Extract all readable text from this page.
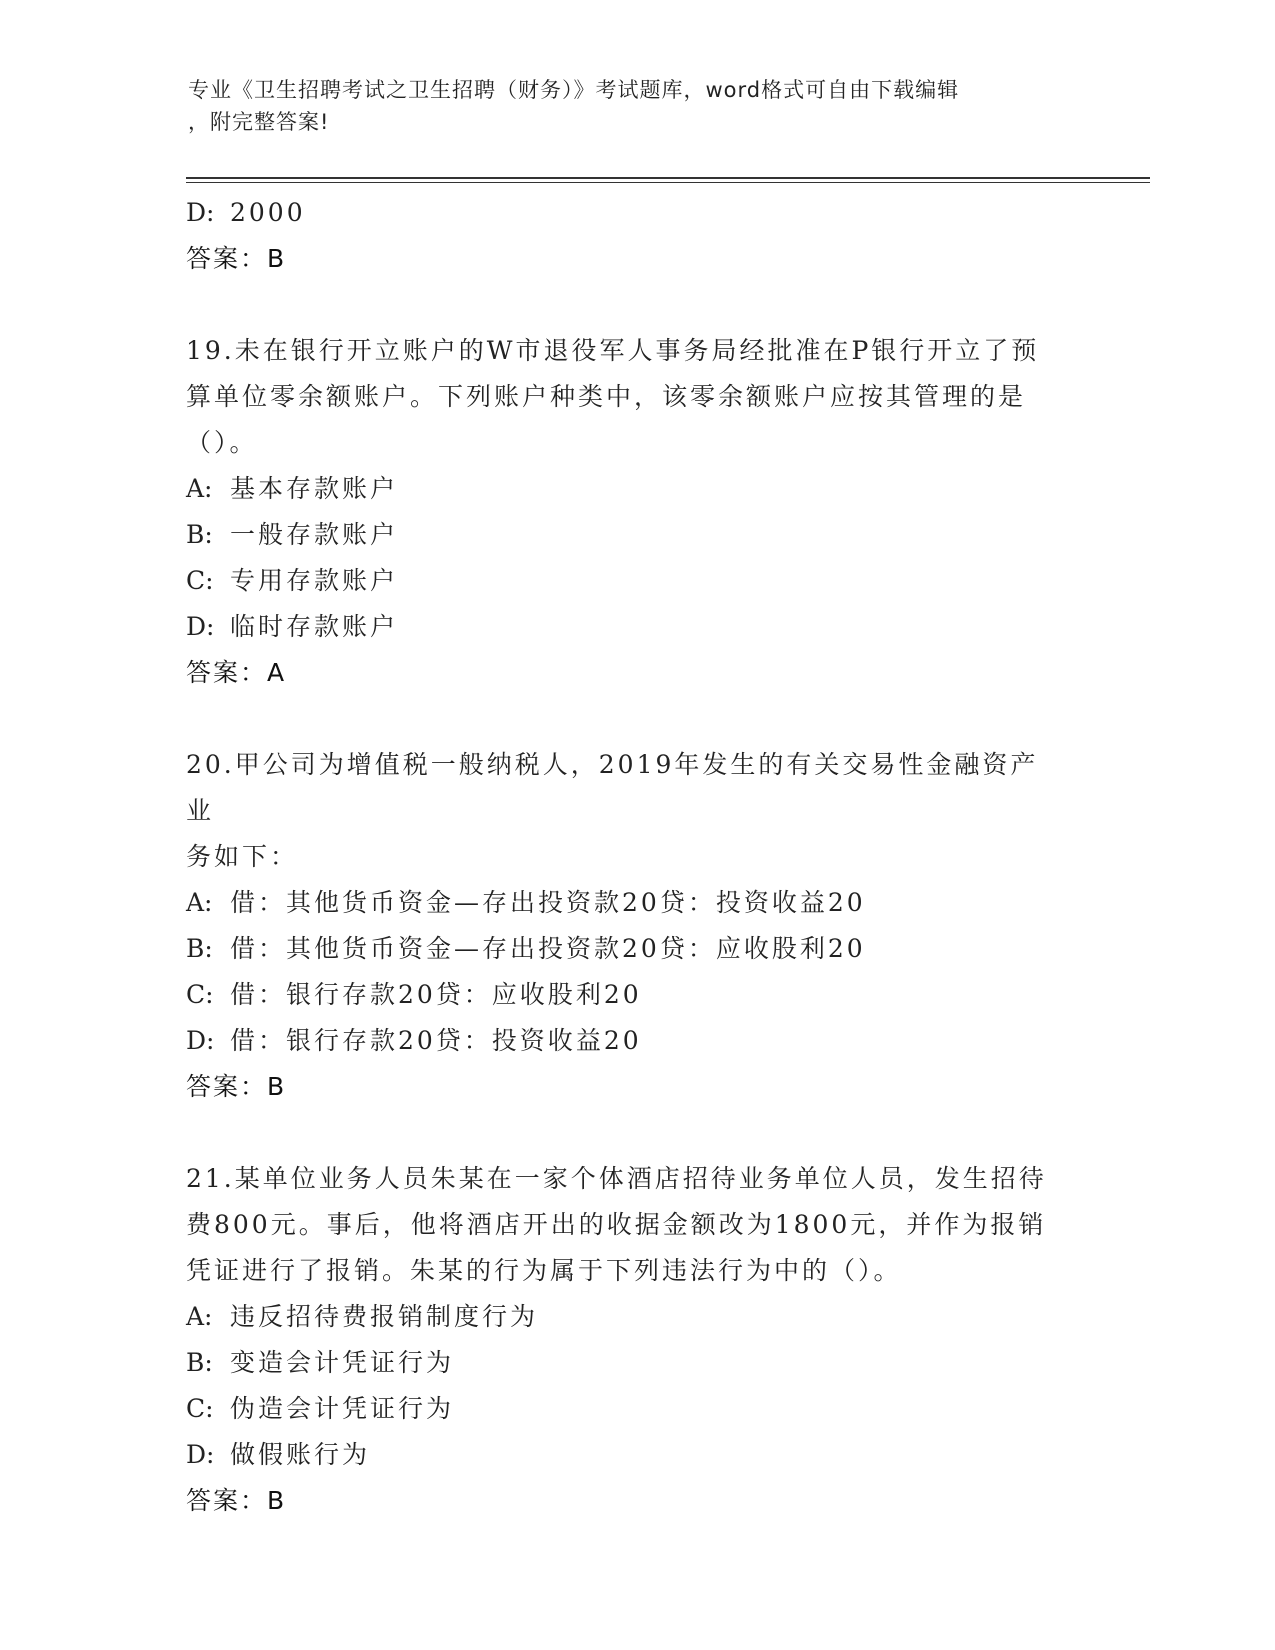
专业《卫生招聘考试之卫生招聘（财务）》考试题库，word格式可自由下载编辑
，附完整答案!
D: 2000
答案：B
19.未在银行开立账户的W市退役军人事务局经批准在P银行开立了预
算单位零余额账户。下列账户种类中，该零余额账户应按其管理的是
（）。
A: 基本存款账户
B: 一般存款账户
C: 专用存款账户
D: 临时存款账户
答案：A
20.甲公司为增值税一般纳税人，2019年发生的有关交易性金融资产业
务如下：
A: 借：其他货币资金—存出投资款20贷：投资收益20
B: 借：其他货币资金—存出投资款20贷：应收股利20
C: 借：银行存款20贷：应收股利20
D: 借：银行存款20贷：投资收益20
答案：B
21.某单位业务人员朱某在一家个体酒店招待业务单位人员，发生招待
费800元。事后，他将酒店开出的收据金额改为1800元，并作为报销
凭证进行了报销。朱某的行为属于下列违法行为中的（）。
A: 违反招待费报销制度行为
B: 变造会计凭证行为
C: 伪造会计凭证行为
D: 做假账行为
答案：B
